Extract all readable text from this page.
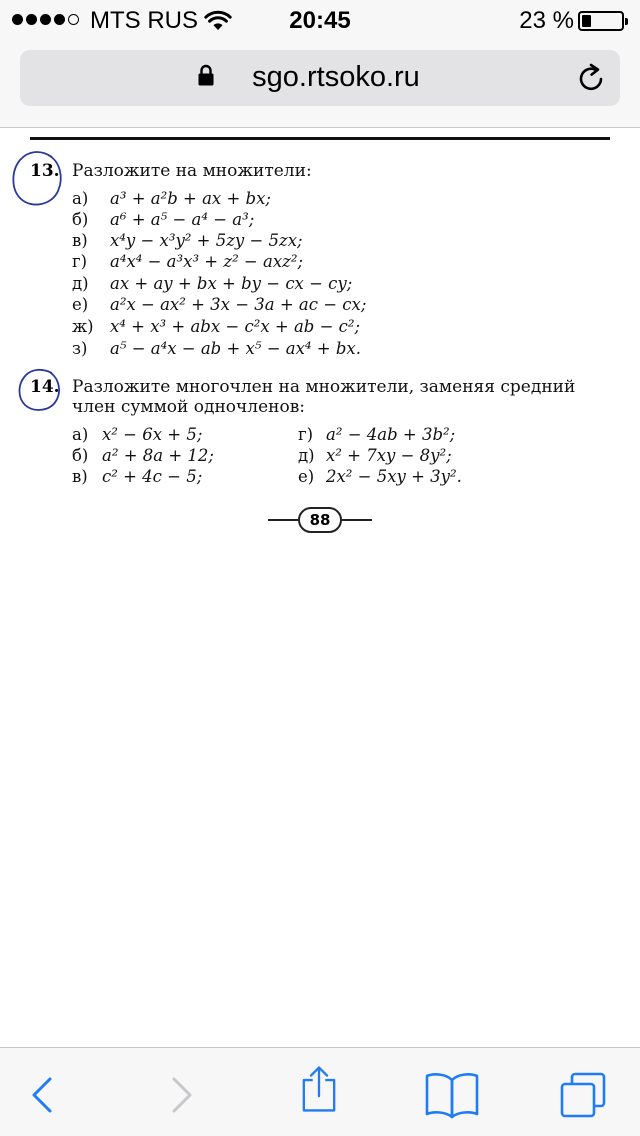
MTS RUS	20:45	23 %
sgo.rtsoko.ru
13. Разложите на множители:
а)	a³ + a²b + ax + bx;
б)	a⁶ + a⁵ − a⁴ − a³;
в)	x⁴y − x³y² + 5zy − 5zx;
г)	a⁴x⁴ − a³x³ + z² − axz²;
д)	ax + ay + bx + by − cx − cy;
е)	a²x − ax² + 3x − 3a + ac − cx;
ж) x⁴ + x³ + abx − c²x + ab − c²;
з)	a⁵ − a⁴x − ab + x⁵ − ax⁴ + bx.
14. Разложите многочлен на множители, заменяя средний
член суммой одночленов:
а) x² − 6x + 5;
б) a² + 8a + 12;
в) c² + 4c − 5;
г) a² − 4ab + 3b²;
д) x² + 7xy − 8y²;
е) 2x² − 5xy + 3y².
88
